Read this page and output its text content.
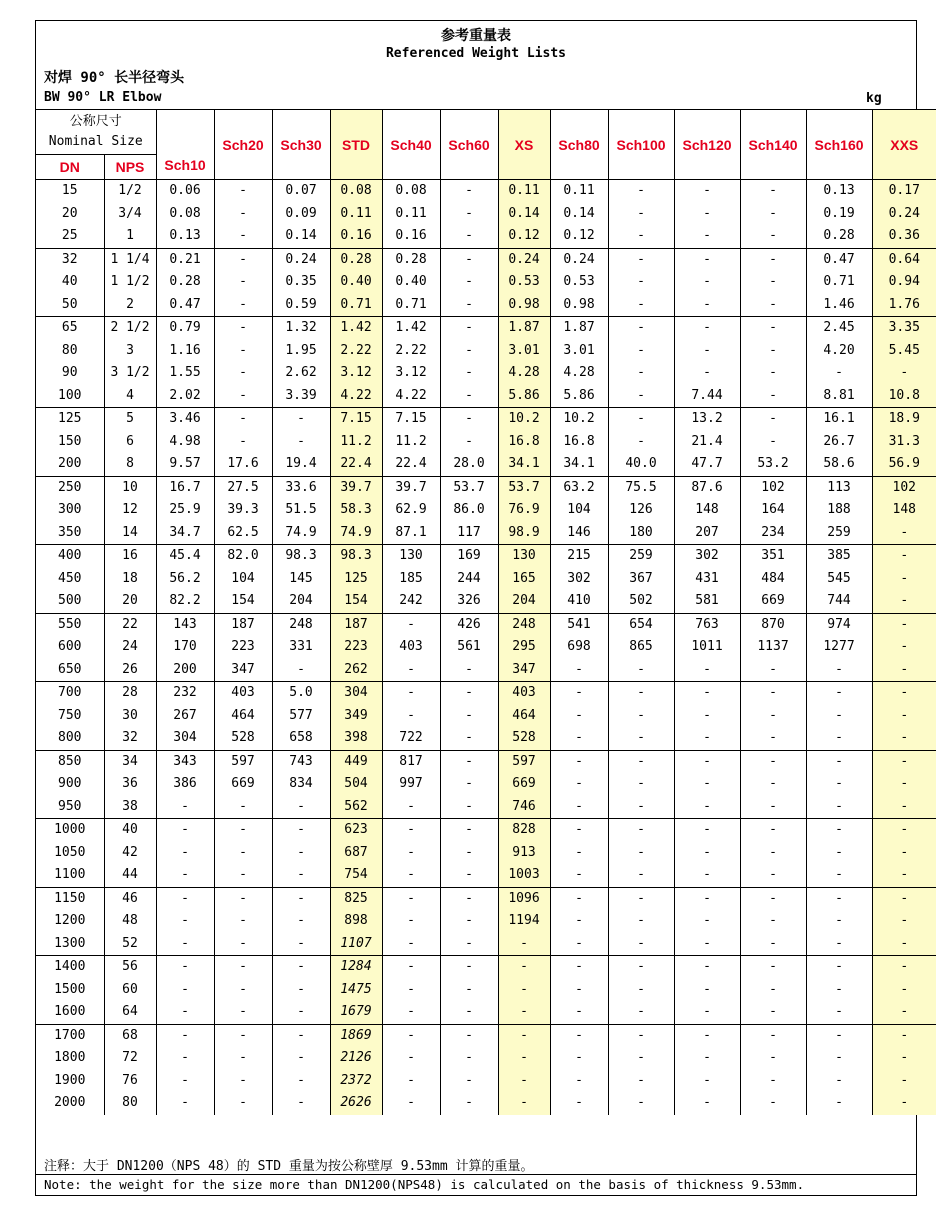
参考重量表
Referenced Weight Lists
对焊 90° 长半径弯头
BW 90° LR Elbow	kg
公称尺寸
Nominal Size		Sch10	Sch20	Sch30	STD	Sch40	Sch60	XS	Sch80	Sch100	Sch120	Sch140	Sch160	XXS
DN	NPS													
15	1/2	0.06	-	0.07	0.08	0.08	-	0.11	0.11	-	-	-	0.13	0.17
20	3/4	0.08	-	0.09	0.11	0.11	-	0.14	0.14	-	-	-	0.19	0.24
25	1	0.13	-	0.14	0.16	0.16	-	0.12	0.12	-	-	-	0.28	0.36
32	1 1/4	0.21	-	0.24	0.28	0.28	-	0.24	0.24	-	-	-	0.47	0.64
40	1 1/2	0.28	-	0.35	0.40	0.40	-	0.53	0.53	-	-	-	0.71	0.94
50	2	0.47	-	0.59	0.71	0.71	-	0.98	0.98	-	-	-	1.46	1.76
65	2 1/2	0.79	-	1.32	1.42	1.42	-	1.87	1.87	-	-	-	2.45	3.35
80	3	1.16	-	1.95	2.22	2.22	-	3.01	3.01	-	-	-	4.20	5.45
90	3 1/2	1.55	-	2.62	3.12	3.12	-	4.28	4.28	-	-	-	-	-
100	4	2.02	-	3.39	4.22	4.22	-	5.86	5.86	-	7.44	-	8.81	10.8
125	5	3.46	-	-	7.15	7.15	-	10.2	10.2	-	13.2	-	16.1	18.9
150	6	4.98	-	-	11.2	11.2	-	16.8	16.8	-	21.4	-	26.7	31.3
200	8	9.57	17.6	19.4	22.4	22.4	28.0	34.1	34.1	40.0	47.7	53.2	58.6	56.9
250	10	16.7	27.5	33.6	39.7	39.7	53.7	53.7	63.2	75.5	87.6	102	113	102
300	12	25.9	39.3	51.5	58.3	62.9	86.0	76.9	104	126	148	164	188	148
350	14	34.7	62.5	74.9	74.9	87.1	117	98.9	146	180	207	234	259	-
400	16	45.4	82.0	98.3	98.3	130	169	130	215	259	302	351	385	-
450	18	56.2	104	145	125	185	244	165	302	367	431	484	545	-
500	20	82.2	154	204	154	242	326	204	410	502	581	669	744	-
550	22	143	187	248	187	-	426	248	541	654	763	870	974	-
600	24	170	223	331	223	403	561	295	698	865	1011	1137	1277	-
650	26	200	347	-	262	-	-	347	-	-	-	-	-	-
700	28	232	403	5.0	304	-	-	403	-	-	-	-	-	-
750	30	267	464	577	349	-	-	464	-	-	-	-	-	-
800	32	304	528	658	398	722	-	528	-	-	-	-	-	-
850	34	343	597	743	449	817	-	597	-	-	-	-	-	-
900	36	386	669	834	504	997	-	669	-	-	-	-	-	-
950	38	-	-	-	562	-	-	746	-	-	-	-	-	-
1000	40	-	-	-	623	-	-	828	-	-	-	-	-	-
1050	42	-	-	-	687	-	-	913	-	-	-	-	-	-
1100	44	-	-	-	754	-	-	1003	-	-	-	-	-	-
1150	46	-	-	-	825	-	-	1096	-	-	-	-	-	-
1200	48	-	-	-	898	-	-	1194	-	-	-	-	-	-
1300	52	-	-	-	1107	-	-	-	-	-	-	-	-	-
1400	56	-	-	-	1284	-	-	-	-	-	-	-	-	-
1500	60	-	-	-	1475	-	-	-	-	-	-	-	-	-
1600	64	-	-	-	1679	-	-	-	-	-	-	-	-	-
1700	68	-	-	-	1869	-	-	-	-	-	-	-	-	-
1800	72	-	-	-	2126	-	-	-	-	-	-	-	-	-
1900	76	-	-	-	2372	-	-	-	-	-	-	-	-	-
2000	80	-	-	-	2626	-	-	-	-	-	-	-	-	-
注释：大于 DN1200（NPS 48）的 STD 重量为按公称壁厚 9.53mm 计算的重量。
Note: the weight for the size more than DN1200(NPS48) is calculated on the basis of thickness 9.53mm.
